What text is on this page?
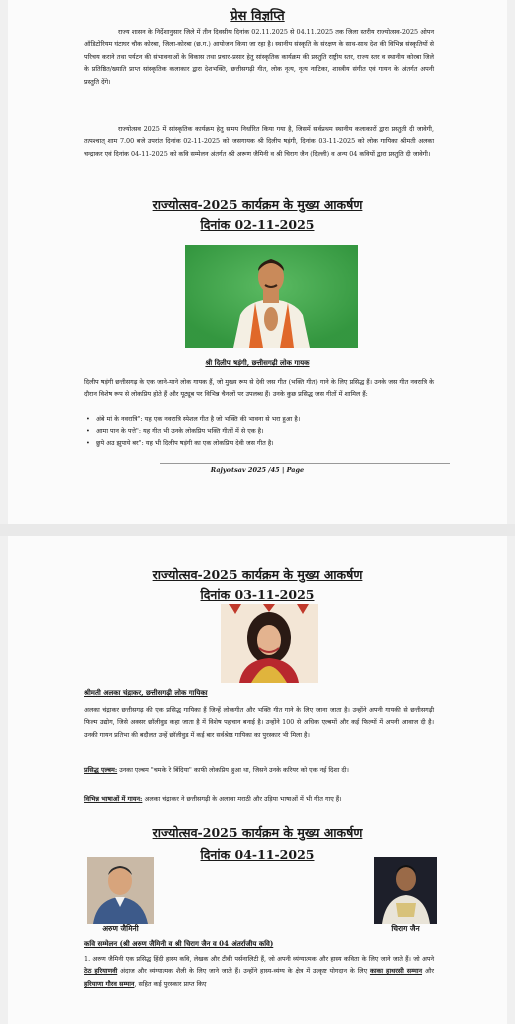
प्रेस विज्ञप्ति

राज्य शासन के निर्देशानुसार जिले में तीन दिवसीय दिनांक 02.11.2025 से 04.11.2025 तक जिला स्तरीय राज्योत्सव-2025 ओपन ऑडिटोरियम घंटाघर चौक कोरबा, जिला-कोरबा (छ.ग.) आयोजन किया जा रहा है। स्थानीय संस्कृति के संरक्षण के साथ-साथ देश की विभिन्न संस्कृतियों से परिचय कराने तथा पर्यटन की संभावनाओं के विकास तथा प्रचार-प्रसार हेतु सांस्कृतिक कार्यक्रम की प्रस्तुति राष्ट्रीय स्तर, राज्य स्तर व स्थानीय कोरबा जिले के प्रतिष्ठित/ख्याति प्राप्त सांस्कृतिक कलाकार द्वारा देशभक्ति, छत्तीसगढ़ी गीत, लोक नृत्य, नृत्य नाटिका, शास्त्रीय संगीत एवं गायन के अंतर्गत अपनी प्रस्तुति देंगे।

राज्योत्सव 2025 में सांस्कृतिक कार्यक्रम हेतु समय निर्धारित किया गया है, जिसमें सर्वप्रथम स्थानीय कलाकारों द्वारा प्रस्तुती दी जावेगी, तत्पश्चात् शाम 7.00 बजे उपरांत दिनांक 02-11-2025 को जसगायक श्री दिलीप षड़ंगी, दिनांक 03-11-2025 को लोक गायिका श्रीमती अलका चन्द्राकर एवं दिनांक 04-11-2025 को कवि सम्मेलन अंतर्गत श्री अरूण जैमिनी व श्री चिराग जैन (दिल्ली) व अन्य 04 कवियों द्वारा प्रस्तुति दी जावेगी।

राज्योत्सव-2025 कार्यक्रम के मुख्य आकर्षण
दिनांक 02-11-2025
श्री दिलीप षड़ंगी, छत्तीसगढ़ी लोक गायक

दिलीप षड़ंगी छत्तीसगढ़ के एक जाने-माने लोक गायक हैं, जो मुख्य रूप से देवी जस गीत (भक्ति गीत) गाने के लिए प्रसिद्ध हैं। उनके जस गीत नवरात्रि के दौरान विशेष रूप से लोकप्रिय होते हैं और यूट्यूब पर विभिन्न चैनलों पर उपलब्ध हैं। उनके कुछ प्रसिद्ध जस गीतों में शामिल हैं:

• अंबे मां के नवरात्रि": यह एक नवरात्रि स्पेशल गीत है जो भक्ति की भावना से भरा हुआ है।
• आमा पान के पत्ते": यह गीत भी उनके लोकप्रिय भक्ति गीतों में से एक है।
• छुपे अउ झुपाये बर": यह भी दिलीप षड़ंगी का एक लोकप्रिय देवी जस गीत है।
Rajyotsav 2025 /45 | Page
राज्योत्सव-2025 कार्यक्रम के मुख्य आकर्षण
दिनांक 03-11-2025
श्रीमती अलका चंद्राकर, छत्तीसगढ़ी लोक गायिका

अलका चंद्राकर छत्तीसगढ़ की एक प्रसिद्ध गायिका हैं जिन्हें लोकगीत और भक्ति गीत गाने के लिए जाना जाता है। उन्होंने अपनी गायकी से छत्तीसगढ़ी फिल्म उद्योग, जिसे अक्सर छॉलीवुड कहा जाता है में विशेष पहचान बनाई है। उन्होंने 100 से अधिक एल्बमों और कई फिल्मों में अपनी आवाज दी है। उनकी गायन प्रतिभा की बदौलत उन्हें छॉलीवुड में कई बार सर्वश्रेष्ठ गायिका का पुरस्कार भी मिला है।

प्रसिद्ध एल्बम: उनका एल्बम "चमके रे बिंदिया" काफी लोकप्रिय हुआ था, जिसने उनके करियर को एक नई दिशा दी।

विभिन्न भाषाओं में गायन: अलका चंद्राकर ने छत्तीसगढ़ी के अलावा मराठी और उड़िया भाषाओं में भी गीत गाए हैं।

राज्योत्सव-2025 कार्यक्रम के मुख्य आकर्षण
दिनांक 04-11-2025
अरुण जैमिनी	चिराग जैन
कवि सम्मेलन (श्री अरुण जैमिनी व श्री चिराग जैन व 04 अंतर्राजीय कवि)

1. अरुण जैमिनी एक प्रसिद्ध हिंदी हास्य कवि, लेखक और टीवी पर्सनालिटी हैं, जो अपनी व्यंग्यात्मक और हास्य कविता के लिए जाने जाते हैं। जो अपने ठेठ हरियाणवी अंदाज और व्यंग्यात्मक शैली के लिए जाने जाते हैं। उन्होंने हास्य-व्यंग्य के क्षेत्र में उत्कृष्ट योगदान के लिए काका हाथरसी सम्मान और हरियाणा गौरव सम्मान, सहित कई पुरस्कार प्राप्त किए
